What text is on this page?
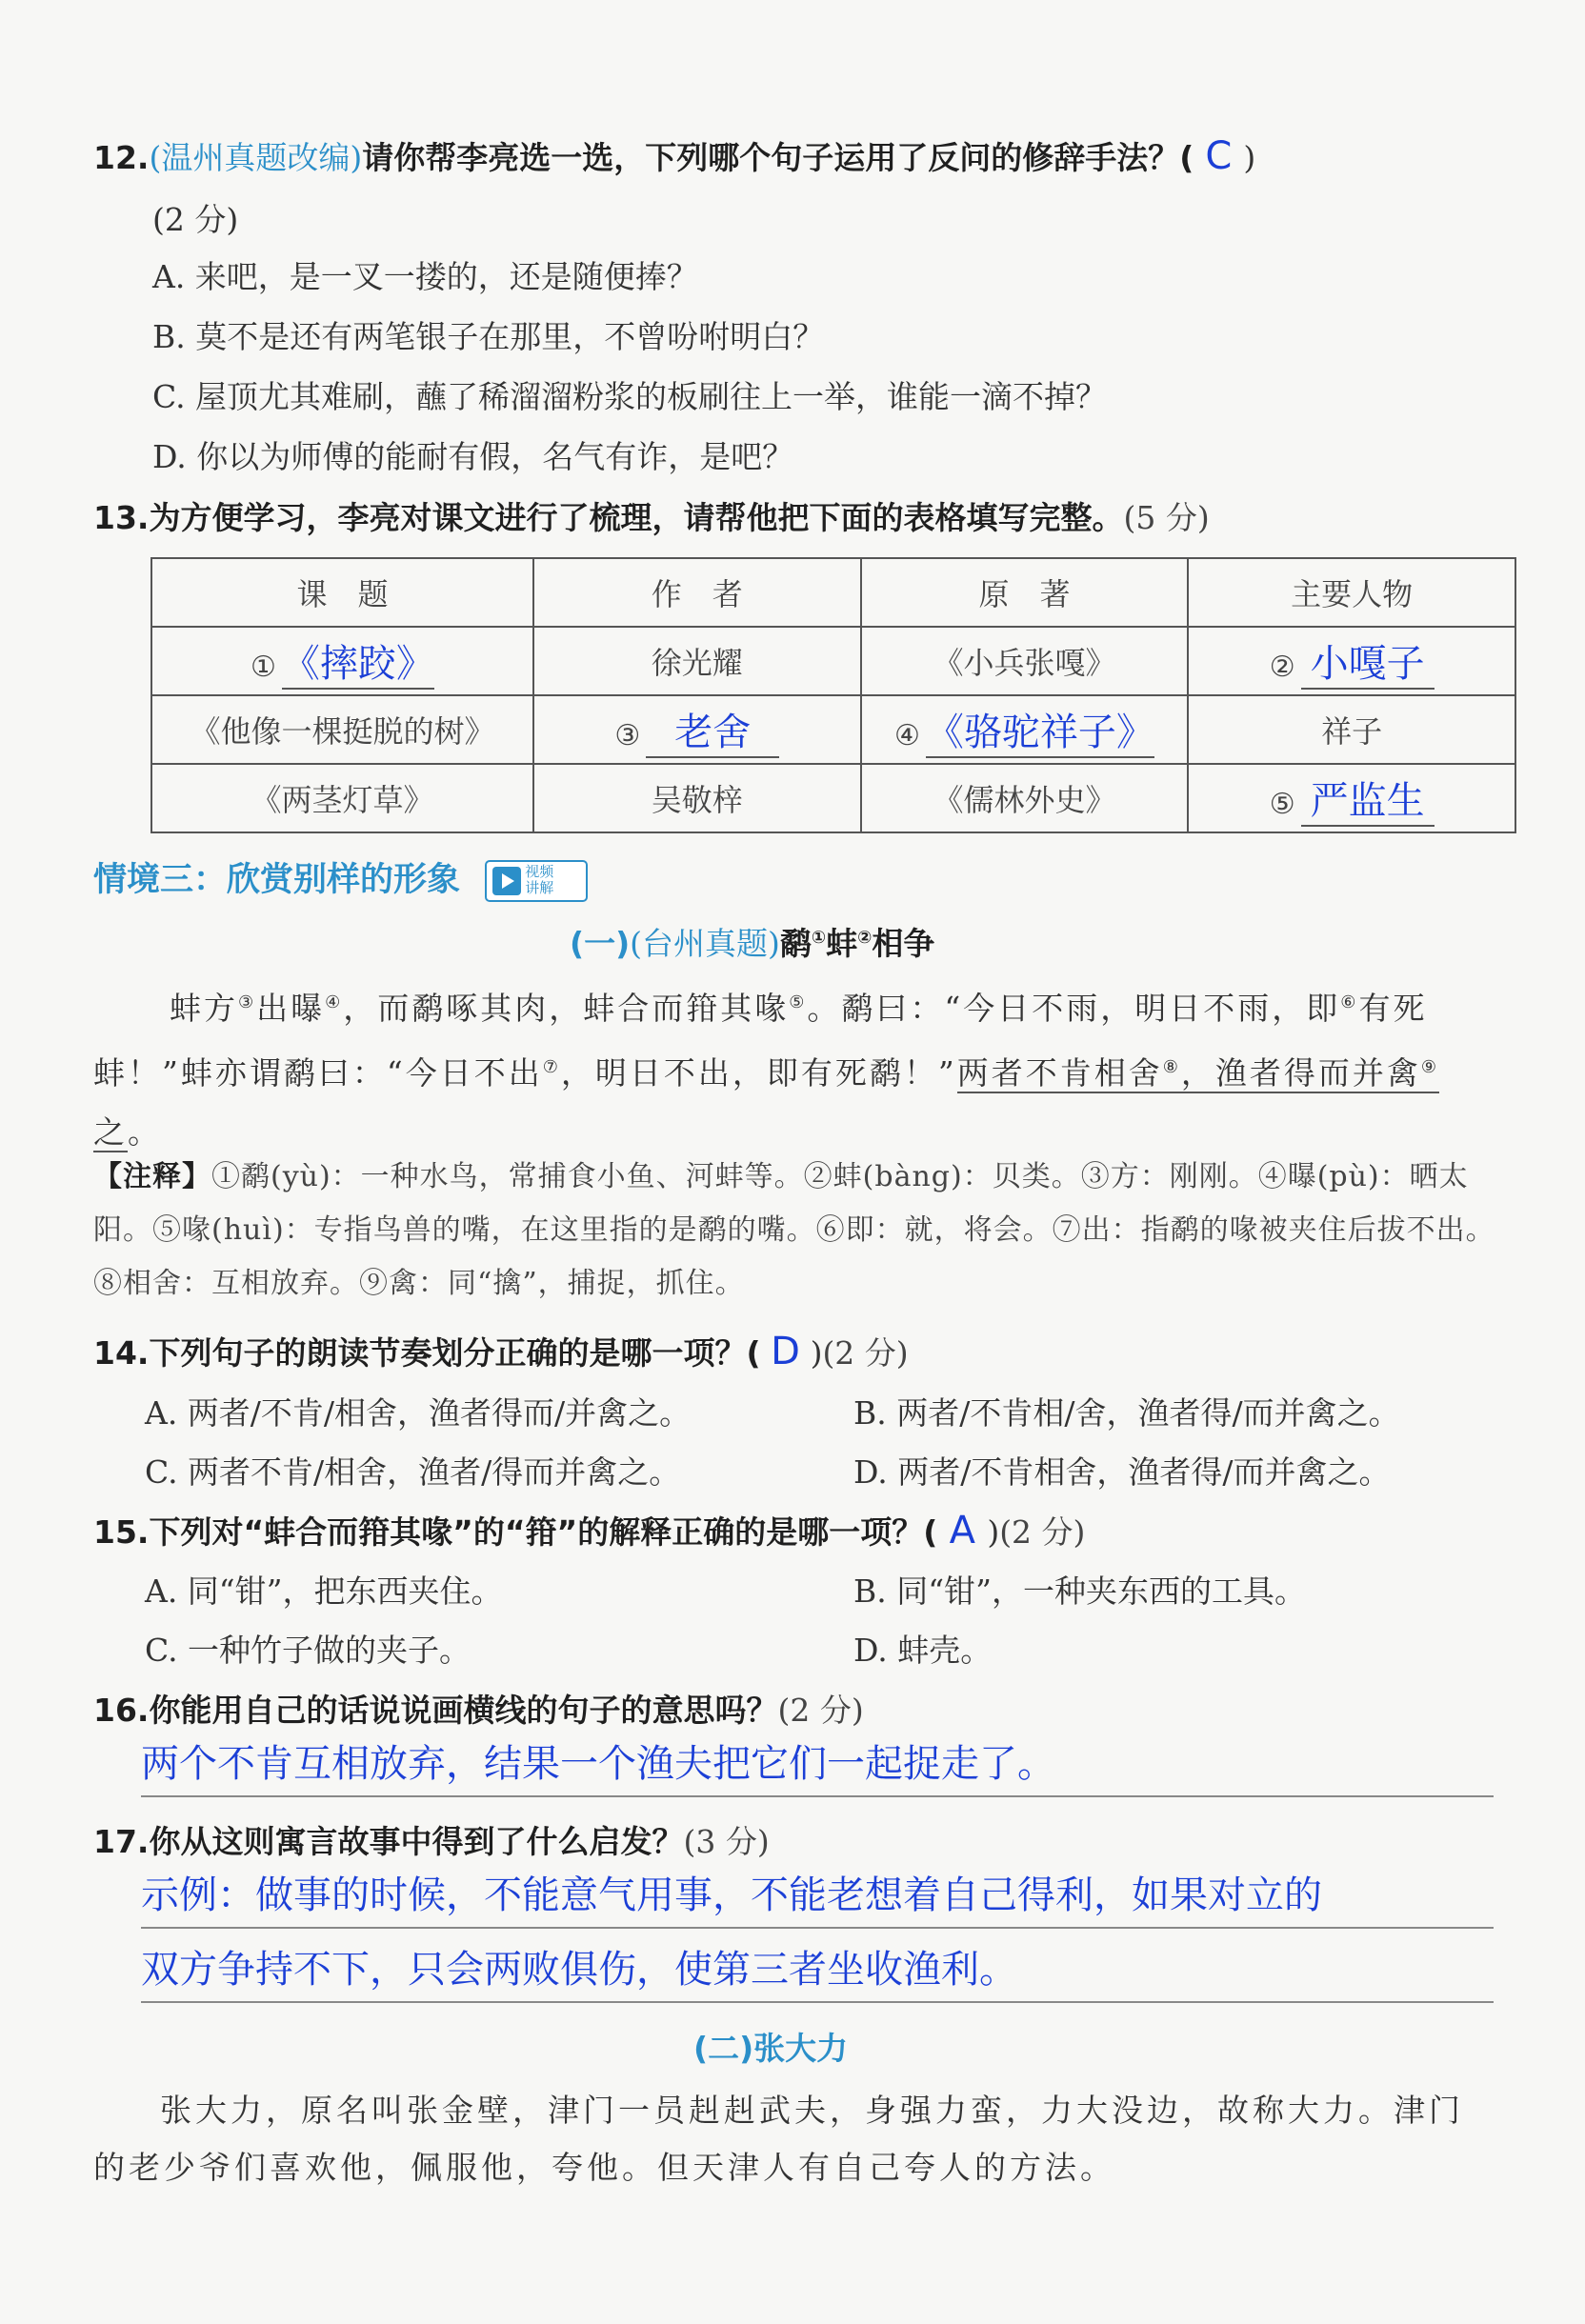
12.(温州真题改编)请你帮李亮选一选，下列哪个句子运用了反问的修辞手法？( C )
(2 分)
A. 来吧，是一叉一搂的，还是随便捧？
B. 莫不是还有两笔银子在那里，不曾吩咐明白？
C. 屋顶尤其难刷，蘸了稀溜溜粉浆的板刷往上一举，谁能一滴不掉？
D. 你以为师傅的能耐有假，名气有诈，是吧？
13.为方便学习，李亮对课文进行了梳理，请帮他把下面的表格填写完整。(5 分)
课　题	作　者	原　著	主要人物
① 《摔跤》	徐光耀	《小兵张嘎》	② 小嘎子
《他像一棵挺脱的树》	③ 老舍	④ 《骆驼祥子》	祥子
《两茎灯草》	吴敬梓	《儒林外史》	⑤ 严监生
情境三：欣赏别样的形象	视频
讲解
(一)(台州真题)鹬①蚌②相争
蚌方③出曝④，而鹬啄其肉，蚌合而箝其喙⑤。鹬曰：“今日不雨，明日不雨，即⑥有死蚌！”蚌亦谓鹬曰：“今日不出⑦，明日不出，即有死鹬！”两者不肯相舍⑧，渔者得而并禽⑨之。
【注释】①鹬(yù)：一种水鸟，常捕食小鱼、河蚌等。②蚌(bàng)：贝类。③方：刚刚。④曝(pù)：晒太阳。⑤喙(huì)：专指鸟兽的嘴，在这里指的是鹬的嘴。⑥即：就，将会。⑦出：指鹬的喙被夹住后拔不出。⑧相舍：互相放弃。⑨禽：同“擒”，捕捉，抓住。
14.下列句子的朗读节奏划分正确的是哪一项？( D )(2 分)
A. 两者/不肯/相舍，渔者得而/并禽之。	B. 两者/不肯相/舍，渔者得/而并禽之。
C. 两者不肯/相舍，渔者/得而并禽之。	D. 两者/不肯相舍，渔者得/而并禽之。
15.下列对“蚌合而箝其喙”的“箝”的解释正确的是哪一项？( A )(2 分)
A. 同“钳”，把东西夹住。	B. 同“钳”，一种夹东西的工具。
C. 一种竹子做的夹子。	D. 蚌壳。
16.你能用自己的话说说画横线的句子的意思吗？(2 分)
两个不肯互相放弃，结果一个渔夫把它们一起捉走了。
17.你从这则寓言故事中得到了什么启发？(3 分)
示例：做事的时候，不能意气用事，不能老想着自己得利，如果对立的
双方争持不下，只会两败俱伤，使第三者坐收渔利。
(二)张大力
张大力，原名叫张金壁，津门一员赳赳武夫，身强力蛮，力大没边，故称大力。津门
的老少爷们喜欢他，佩服他，夸他。但天津人有自己夸人的方法。
